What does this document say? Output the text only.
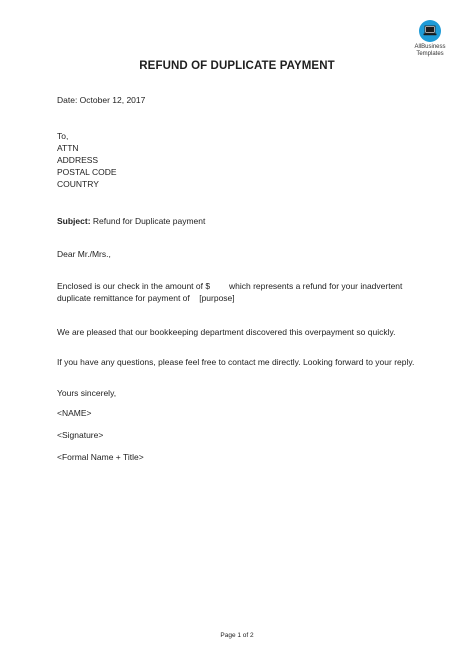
AllBusiness
Templates
REFUND OF DUPLICATE PAYMENT
Date: October 12, 2017
To,
ATTN
ADDRESS
POSTAL CODE
COUNTRY
Subject: Refund for Duplicate payment
Dear Mr./Mrs.,
Enclosed is our check in the amount of $        which represents a refund for your inadvertent
duplicate remittance for payment of    [purpose]
We are pleased that our bookkeeping department discovered this overpayment so quickly.
If you have any questions, please feel free to contact me directly. Looking forward to your reply.
Yours sincerely,
<NAME>
<Signature>
<Formal Name + Title>
Page 1 of 2
